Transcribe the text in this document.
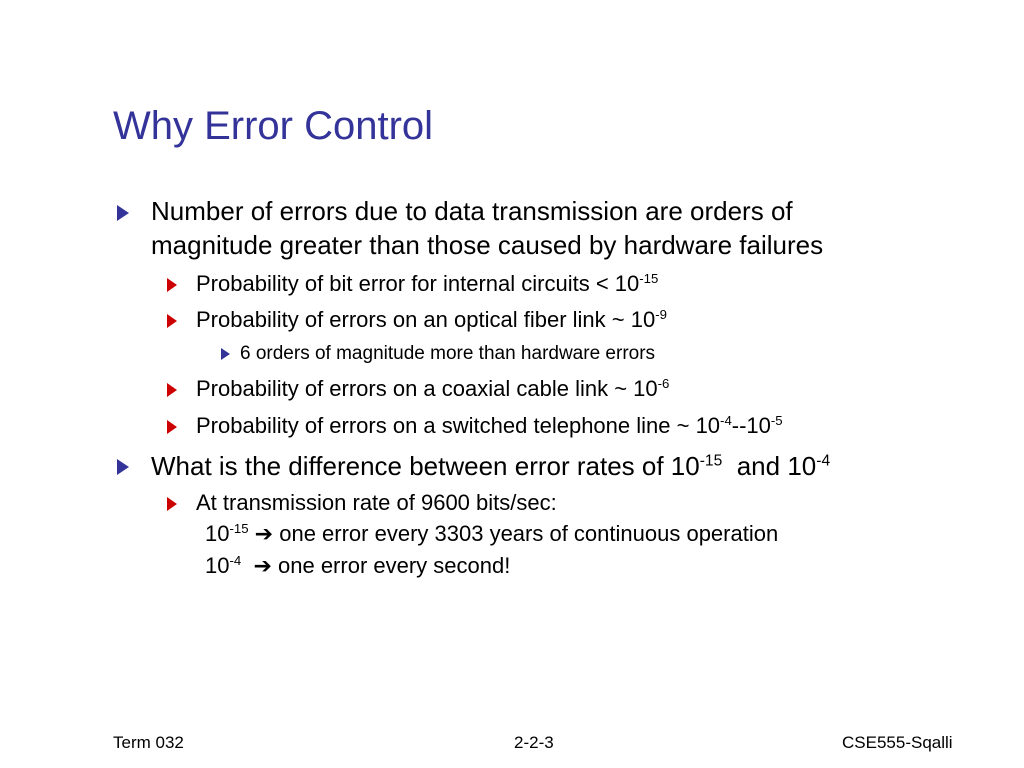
Why Error Control
Number of errors due to data transmission are orders of
magnitude greater than those caused by hardware failures
Probability of bit error for internal circuits < $10^{-15}$
Probability of errors on an optical fiber link ~ $10^{-9}$
6 orders of magnitude more than hardware errors
Probability of errors on a coaxial cable link ~ $10^{-6}$
Probability of errors on a switched telephone line ~ $10^{-4}--10^{-5}$
What is the difference between error rates of $10^{-15}$  and $10^{-4}$
At transmission rate of 9600 bits/sec:
$10^{-15}$ ➔ one error every 3303 years of continuous operation
$10^{-4}$ ➔ one error every second!
Term 032	2-2-3	CSE555-Sqalli
